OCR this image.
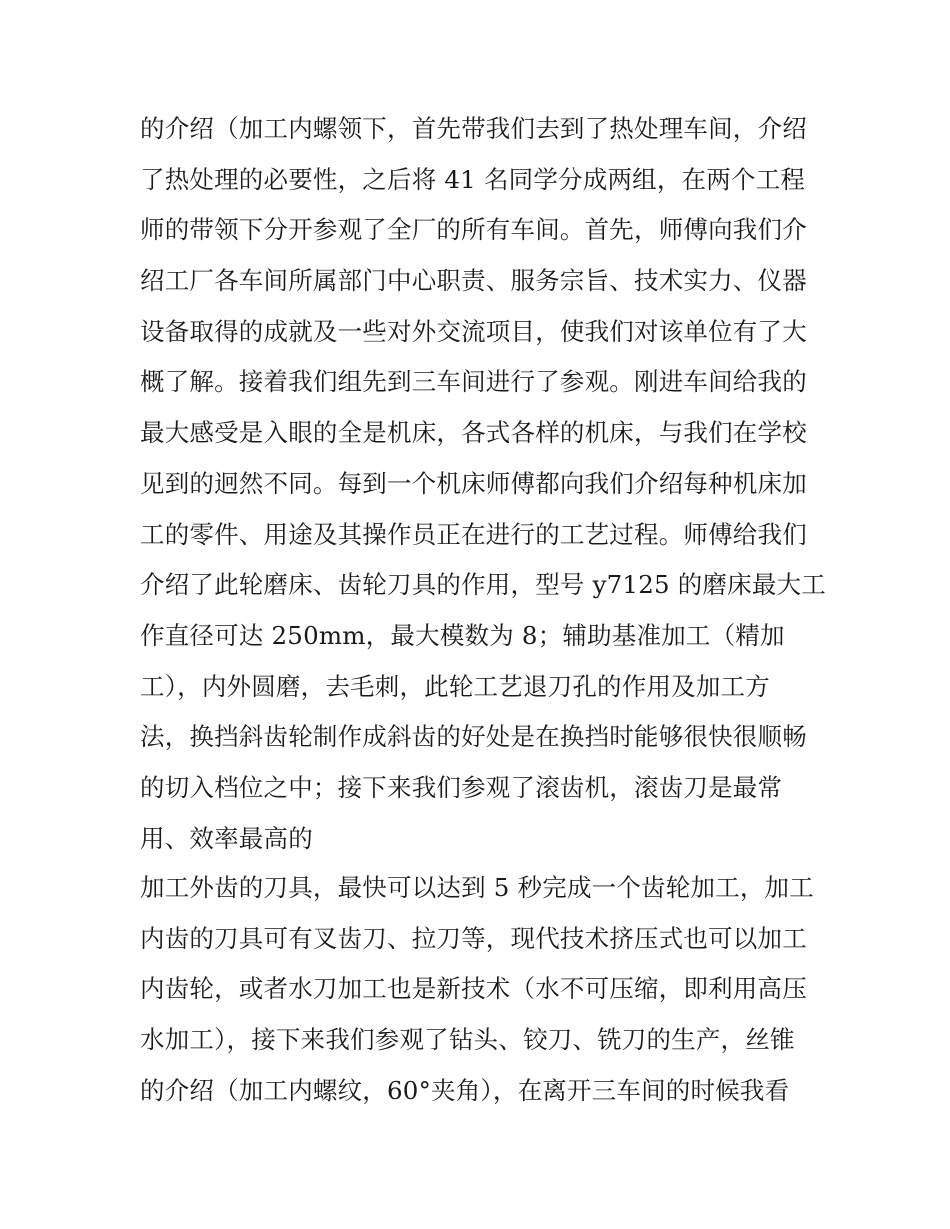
的介绍（加工内螺领下，首先带我们去到了热处理车间，介绍
了热处理的必要性，之后将 41 名同学分成两组，在两个工程
师的带领下分开参观了全厂的所有车间。首先，师傅向我们介
绍工厂各车间所属部门中心职责、服务宗旨、技术实力、仪器
设备取得的成就及一些对外交流项目，使我们对该单位有了大
概了解。接着我们组先到三车间进行了参观。刚进车间给我的
最大感受是入眼的全是机床，各式各样的机床，与我们在学校
见到的迥然不同。每到一个机床师傅都向我们介绍每种机床加
工的零件、用途及其操作员正在进行的工艺过程。师傅给我们
介绍了此轮磨床、齿轮刀具的作用，型号 y7125 的磨床最大工
作直径可达 250mm，最大模数为 8；辅助基准加工（精加
工），内外圆磨，去毛刺，此轮工艺退刀孔的作用及加工方
法，换挡斜齿轮制作成斜齿的好处是在换挡时能够很快很顺畅
的切入档位之中；接下来我们参观了滚齿机，滚齿刀是最常
用、效率最高的
加工外齿的刀具，最快可以达到 5 秒完成一个齿轮加工，加工
内齿的刀具可有叉齿刀、拉刀等，现代技术挤压式也可以加工
内齿轮，或者水刀加工也是新技术（水不可压缩，即利用高压
水加工），接下来我们参观了钻头、铰刀、铣刀的生产，丝锥
的介绍（加工内螺纹，60°夹角），在离开三车间的时候我看
